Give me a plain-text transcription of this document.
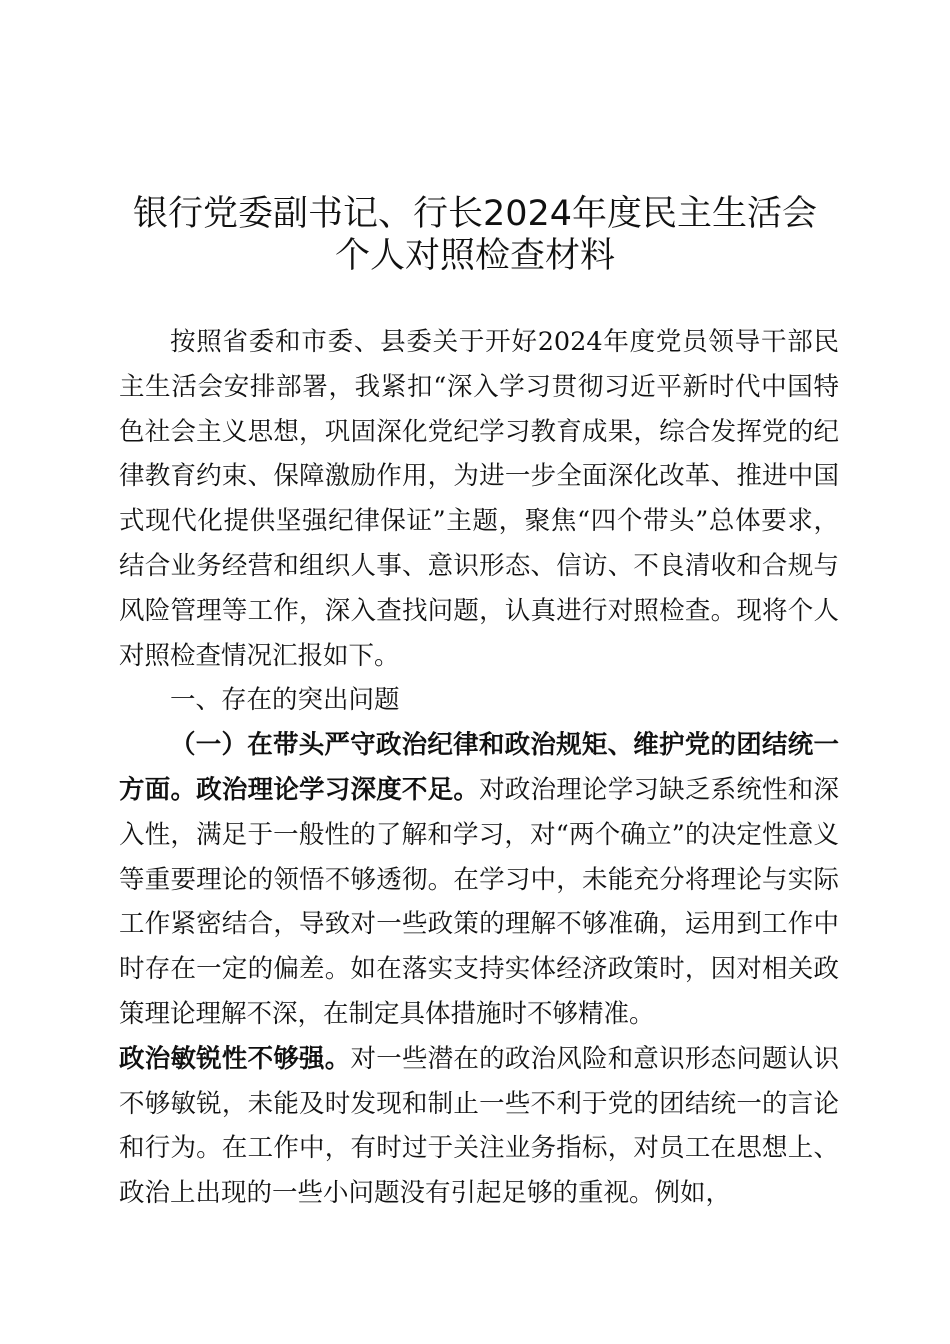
银行党委副书记、行长2024年度民主生活会
个人对照检查材料

按照省委和市委、县委关于开好2024年度党员领导干部民主生活会安排部署，我紧扣“深入学习贯彻习近平新时代中国特色社会主义思想，巩固深化党纪学习教育成果，综合发挥党的纪律教育约束、保障激励作用，为进一步全面深化改革、推进中国式现代化提供坚强纪律保证”主题，聚焦“四个带头”总体要求，结合业务经营和组织人事、意识形态、信访、不良清收和合规与风险管理等工作，深入查找问题，认真进行对照检查。现将个人对照检查情况汇报如下。

一、存在的突出问题

（一）在带头严守政治纪律和政治规矩、维护党的团结统一方面。政治理论学习深度不足。对政治理论学习缺乏系统性和深入性，满足于一般性的了解和学习，对“两个确立”的决定性意义等重要理论的领悟不够透彻。在学习中，未能充分将理论与实际工作紧密结合，导致对一些政策的理解不够准确，运用到工作中时存在一定的偏差。如在落实支持实体经济政策时，因对相关政策理论理解不深，在制定具体措施时不够精准。

政治敏锐性不够强。对一些潜在的政治风险和意识形态问题认识不够敏锐，未能及时发现和制止一些不利于党的团结统一的言论和行为。在工作中，有时过于关注业务指标，对员工在思想上、政治上出现的一些小问题没有引起足够的重视。例如，
